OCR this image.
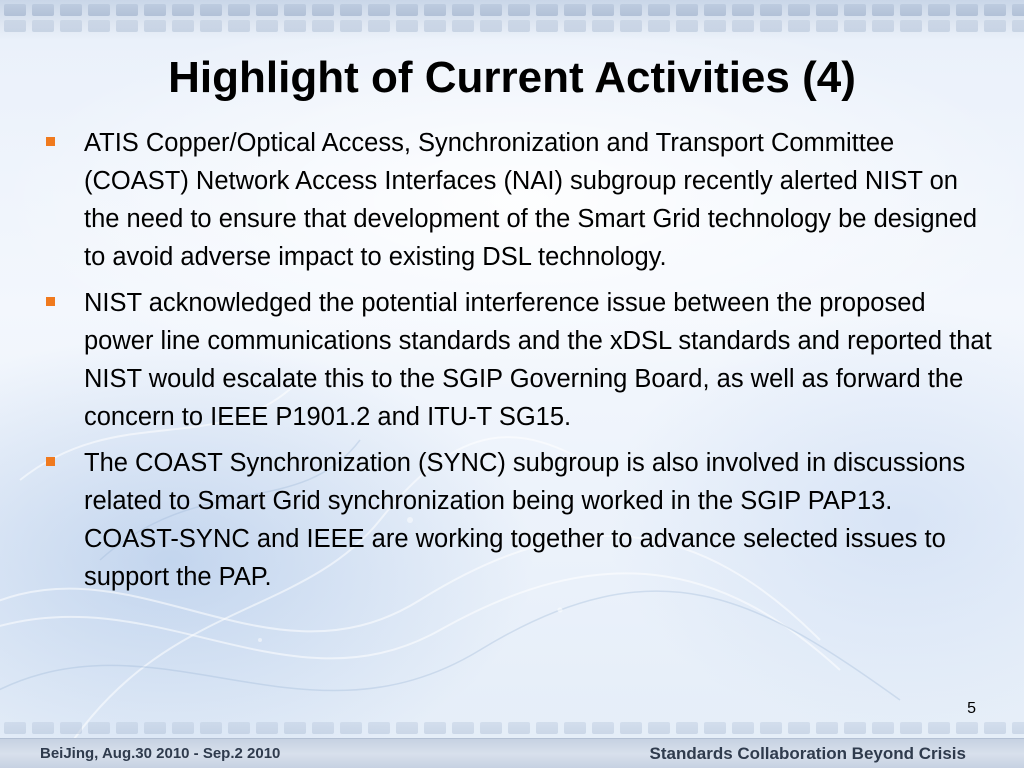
Highlight of Current Activities (4)
ATIS Copper/Optical Access, Synchronization and Transport Committee (COAST) Network Access Interfaces (NAI) subgroup recently alerted NIST on the need to ensure that development of the Smart Grid technology be designed to avoid adverse impact to existing DSL technology.
NIST acknowledged the potential interference issue between the proposed power line communications standards and the xDSL standards and reported that NIST would escalate this to the SGIP Governing Board, as well as forward the concern to IEEE P1901.2 and ITU-T SG15.
The COAST Synchronization (SYNC) subgroup is also involved in discussions related to Smart Grid synchronization being worked in the SGIP PAP13. COAST-SYNC and IEEE are working together to advance selected issues to support the PAP.
5
BeiJing, Aug.30 2010 - Sep.2 2010	Standards Collaboration Beyond Crisis
